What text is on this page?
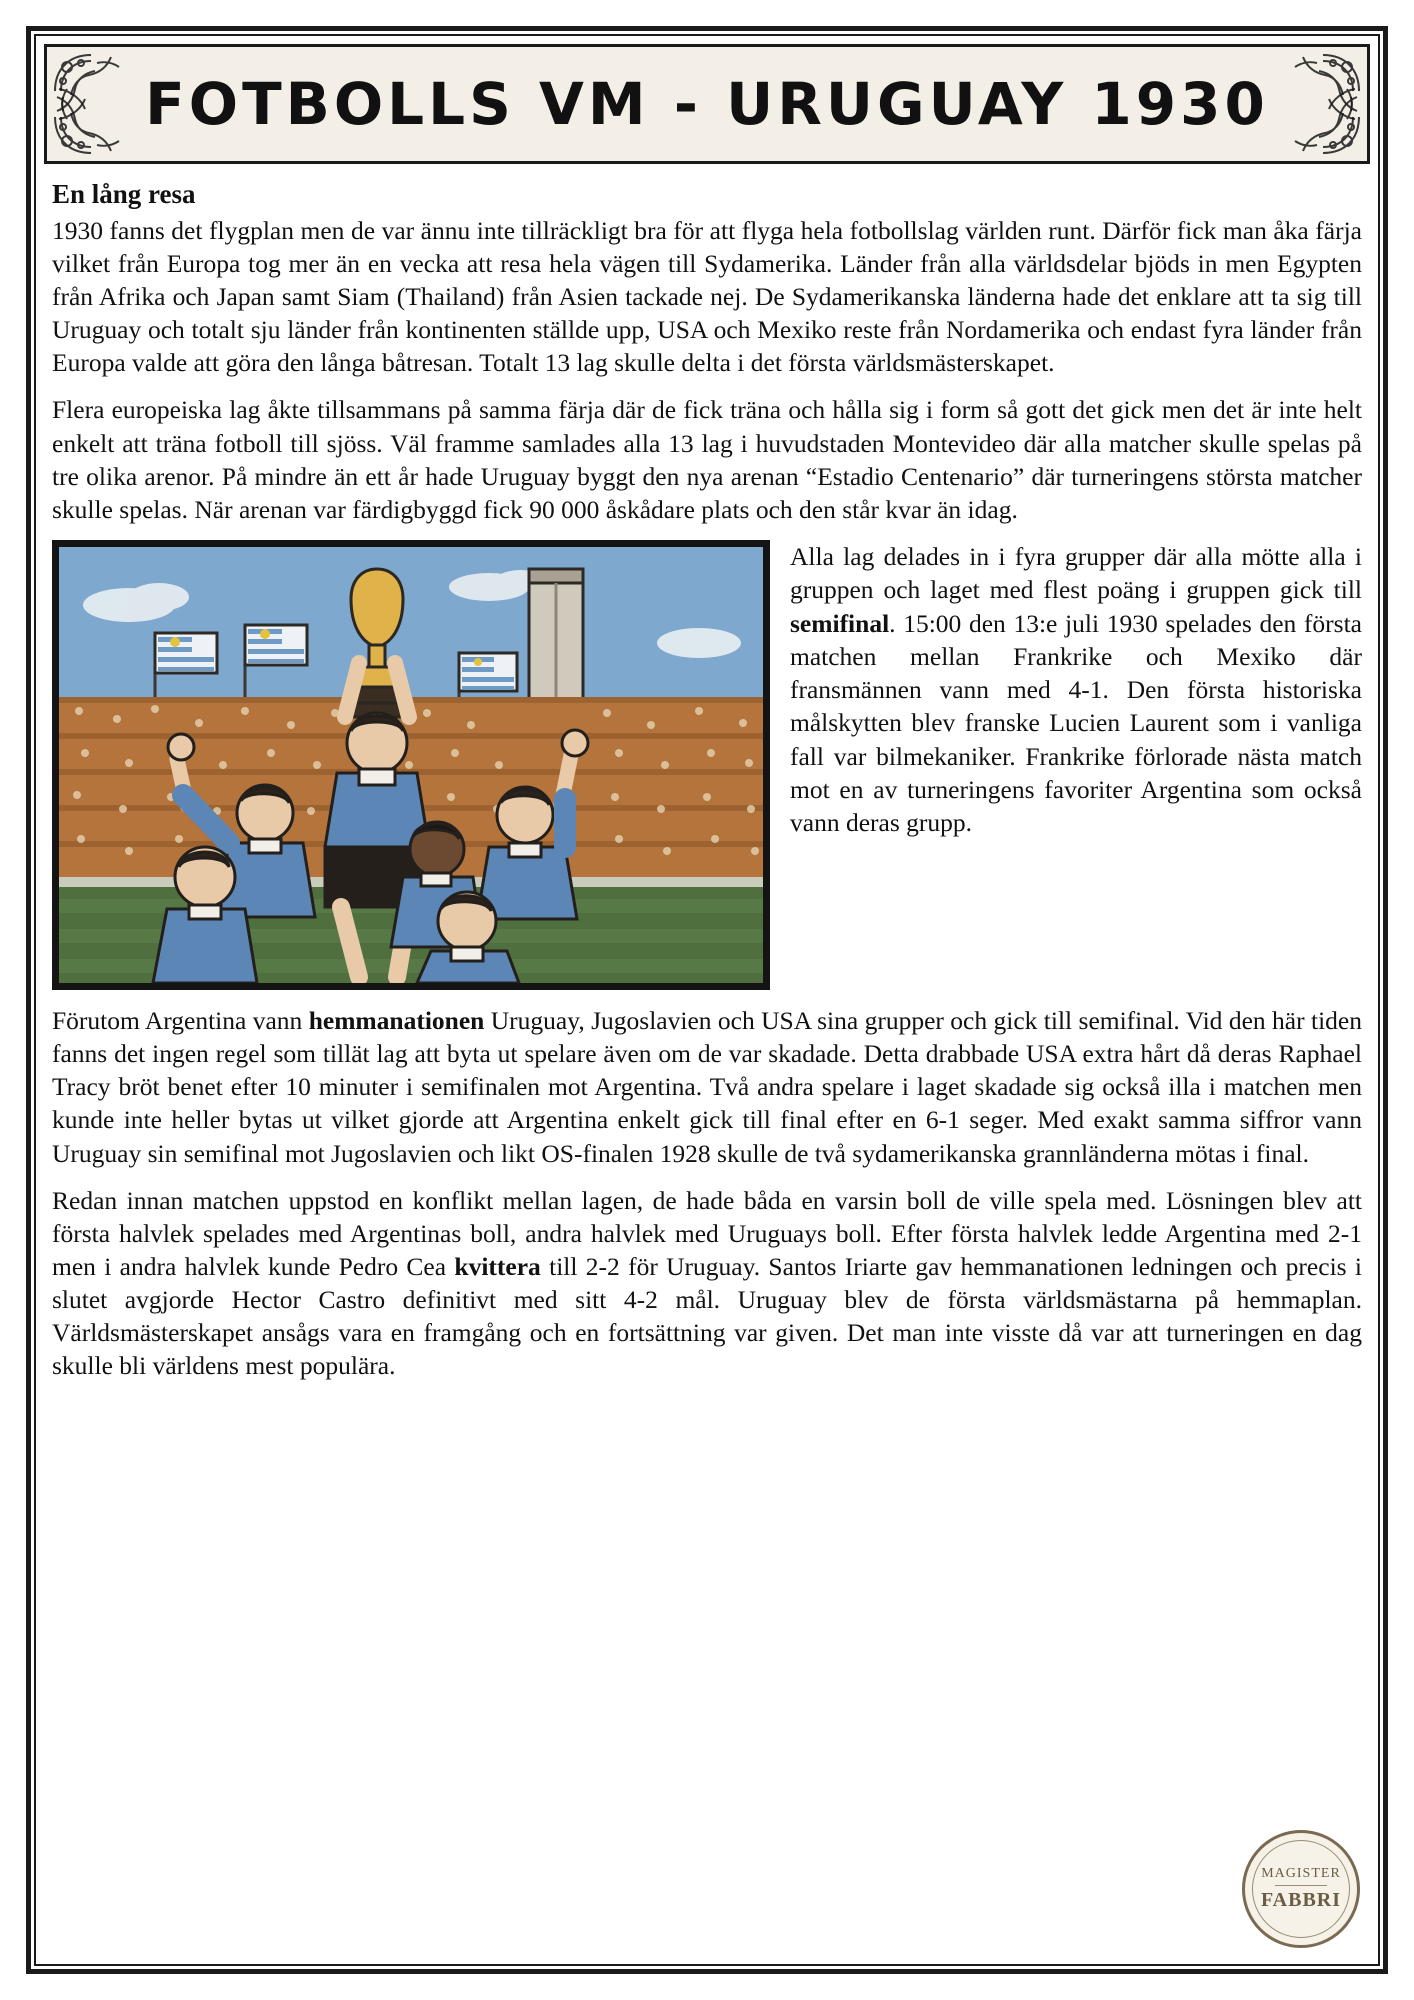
FOTBOLLS VM - URUGUAY 1930
En lång resa

1930 fanns det flygplan men de var ännu inte tillräckligt bra för att flyga hela fotbollslag världen runt. Därför fick man åka färja vilket från Europa tog mer än en vecka att resa hela vägen till Sydamerika. Länder från alla världsdelar bjöds in men Egypten från Afrika och Japan samt Siam (Thailand) från Asien tackade nej. De Sydamerikanska länderna hade det enklare att ta sig till Uruguay och totalt sju länder från kontinenten ställde upp, USA och Mexiko reste från Nordamerika och endast fyra länder från Europa valde att göra den långa båtresan. Totalt 13 lag skulle delta i det första världsmästerskapet.

Flera europeiska lag åkte tillsammans på samma färja där de fick träna och hålla sig i form så gott det gick men det är inte helt enkelt att träna fotboll till sjöss. Väl framme samlades alla 13 lag i huvudstaden Montevideo där alla matcher skulle spelas på tre olika arenor. På mindre än ett år hade Uruguay byggt den nya arenan “Estadio Centenario” där turneringens största matcher skulle spelas. När arenan var färdigbyggd fick 90 000 åskådare plats och den står kvar än idag.

Alla lag delades in i fyra grupper där alla mötte alla i gruppen och laget med flest poäng i gruppen gick till semifinal. 15:00 den 13:e juli 1930 spelades den första matchen mellan Frankrike och Mexiko där fransmännen vann med 4-1. Den första historiska målskytten blev franske Lucien Laurent som i vanliga fall var bilmekaniker. Frankrike förlorade nästa match mot en av turneringens favoriter Argentina som också vann deras grupp.

Förutom Argentina vann hemmanationen Uruguay, Jugoslavien och USA sina grupper och gick till semifinal. Vid den här tiden fanns det ingen regel som tillät lag att byta ut spelare även om de var skadade. Detta drabbade USA extra hårt då deras Raphael Tracy bröt benet efter 10 minuter i semifinalen mot Argentina. Två andra spelare i laget skadade sig också illa i matchen men kunde inte heller bytas ut vilket gjorde att Argentina enkelt gick till final efter en 6-1 seger. Med exakt samma siffror vann Uruguay sin semifinal mot Jugoslavien och likt OS-finalen 1928 skulle de två sydamerikanska grannländerna mötas i final.

Redan innan matchen uppstod en konflikt mellan lagen, de hade båda en varsin boll de ville spela med. Lösningen blev att första halvlek spelades med Argentinas boll, andra halvlek med Uruguays boll. Efter första halvlek ledde Argentina med 2-1 men i andra halvlek kunde Pedro Cea kvittera till 2-2 för Uruguay. Santos Iriarte gav hemmanationen ledningen och precis i slutet avgjorde Hector Castro definitivt med sitt 4-2 mål. Uruguay blev de första världsmästarna på hemmaplan. Världsmästerskapet ansågs vara en framgång och en fortsättning var given. Det man inte visste då var att turneringen en dag skulle bli världens mest populära.

MAGISTER
FABBRI
